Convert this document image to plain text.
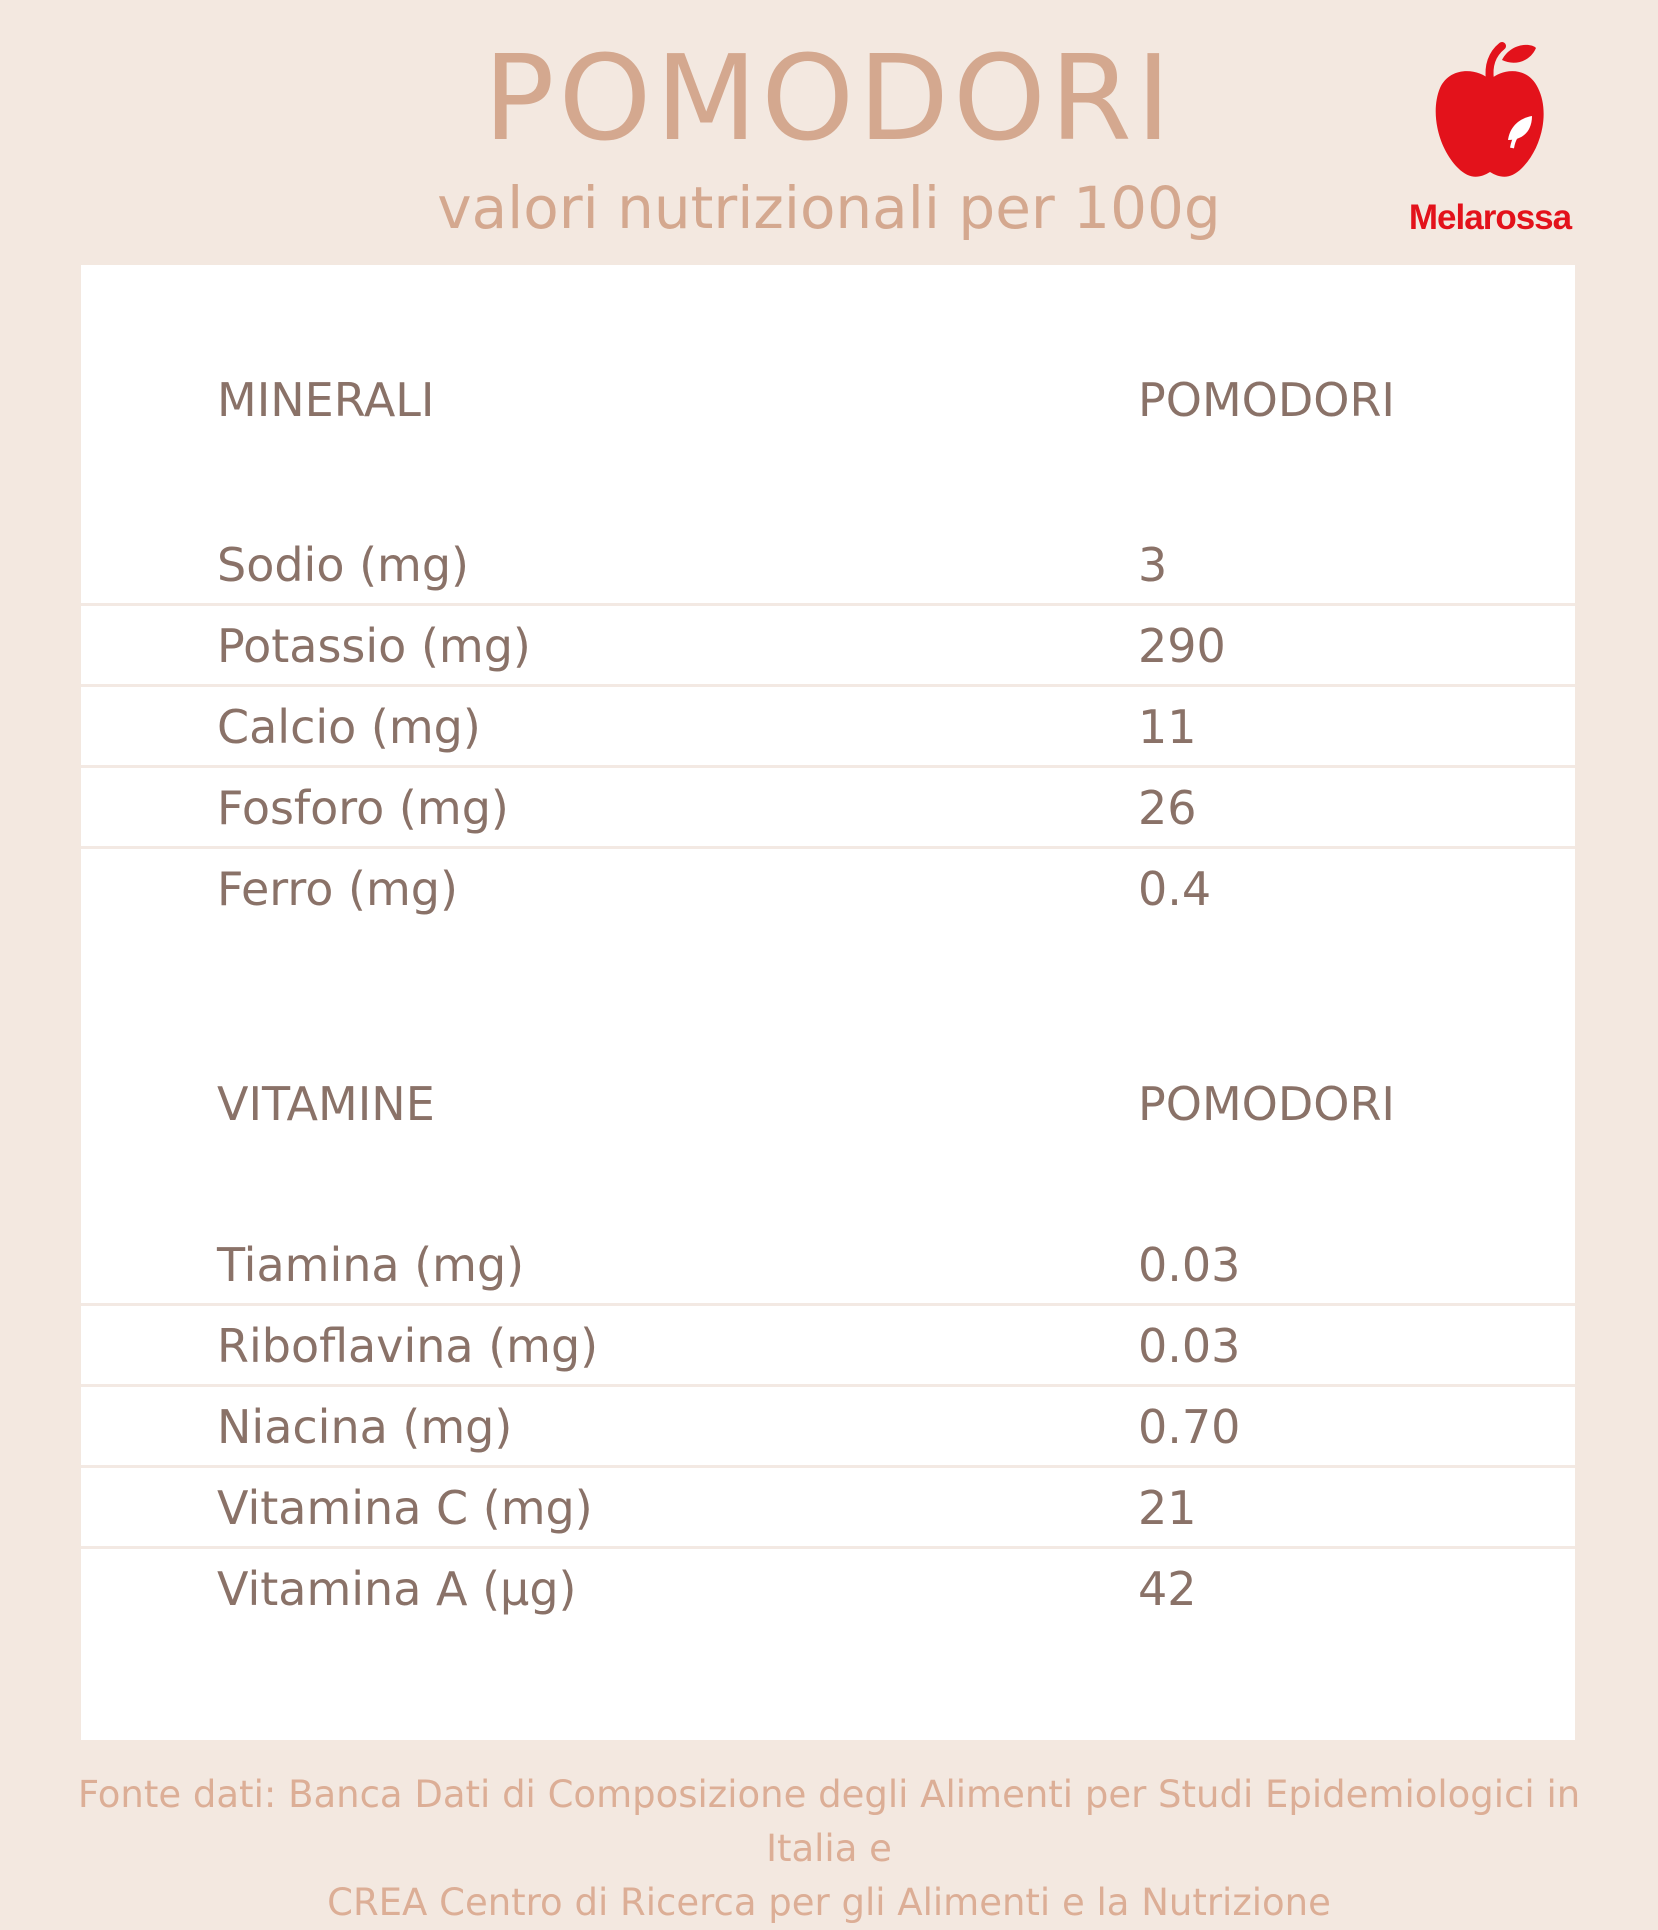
POMODORI
valori nutrizionali per 100g	Melarossa
MINERALI	POMODORI
Sodio (mg)	3
Potassio (mg)	290
Calcio (mg)	11
Fosforo (mg)	26
Ferro (mg)	0.4
VITAMINE	POMODORI
Tiamina (mg)	0.03
Riboflavina (mg)	0.03
Niacina (mg)	0.70
Vitamina C (mg)	21
Vitamina A (µg)	42
Fonte dati: Banca Dati di Composizione degli Alimenti per Studi Epidemiologici in Italia e
CREA Centro di Ricerca per gli Alimenti e la Nutrizione
